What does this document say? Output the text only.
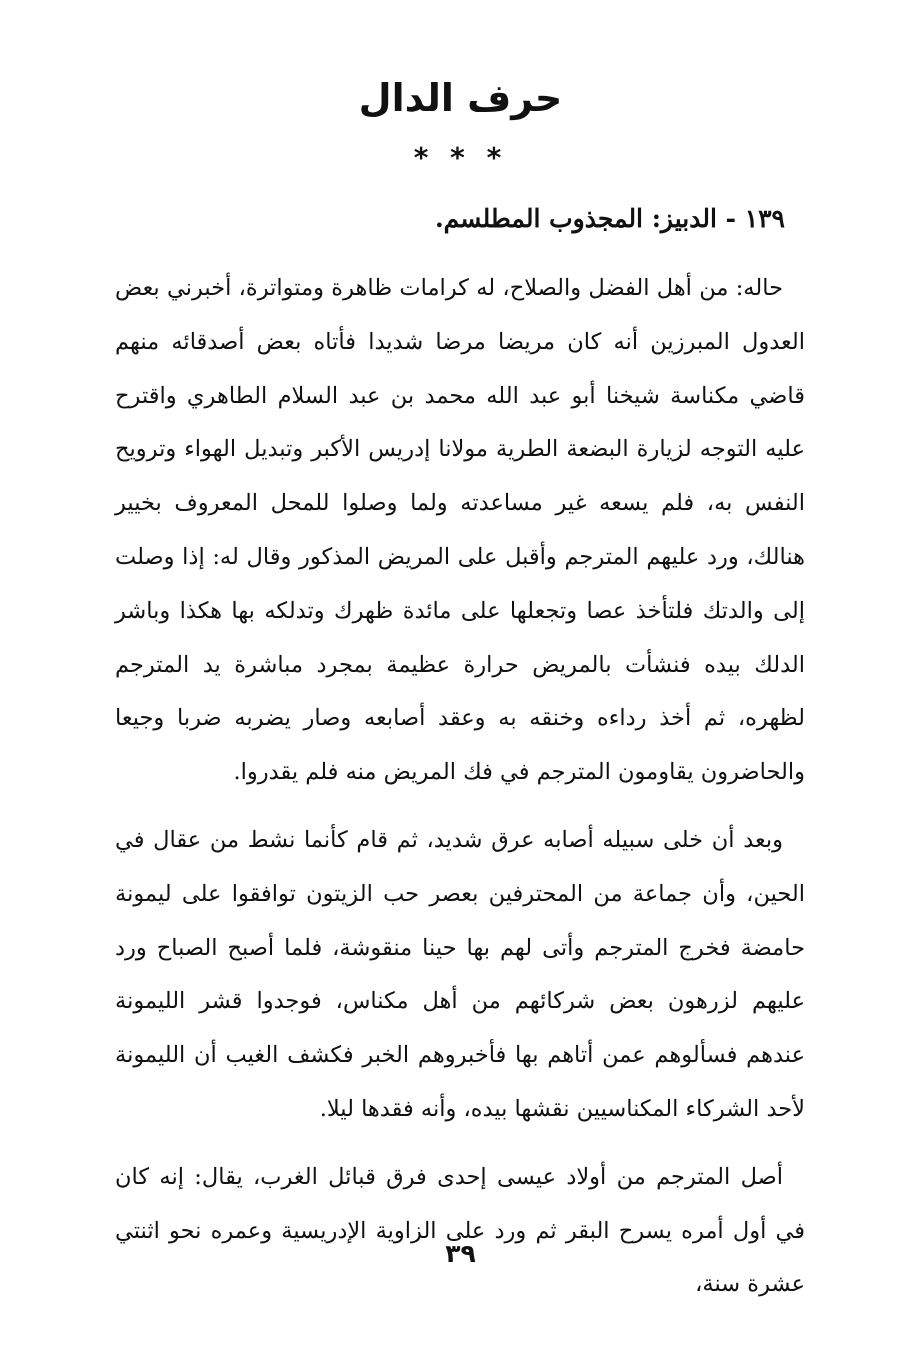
حرف الدال
* * *
١٣٩ - الدبيز: المجذوب المطلسم.

حاله: من أهل الفضل والصلاح، له كرامات ظاهرة ومتواترة، أخبرني بعض العدول المبرزين أنه كان مريضا مرضا شديدا فأتاه بعض أصدقائه منهم قاضي مكناسة شيخنا أبو عبد الله محمد بن عبد السلام الطاهري واقترح عليه التوجه لزيارة البضعة الطرية مولانا إدريس الأكبر وتبديل الهواء وترويح النفس به، فلم يسعه غير مساعدته ولما وصلوا للمحل المعروف بخيير هنالك، ورد عليهم المترجم وأقبل على المريض المذكور وقال له: إذا وصلت إلى والدتك فلتأخذ عصا وتجعلها على مائدة ظهرك وتدلكه بها هكذا وباشر الدلك بيده فنشأت بالمريض حرارة عظيمة بمجرد مباشرة يد المترجم لظهره، ثم أخذ رداءه وخنقه به وعقد أصابعه وصار يضربه ضربا وجيعا والحاضرون يقاومون المترجم في فك المريض منه فلم يقدروا.

وبعد أن خلى سبيله أصابه عرق شديد، ثم قام كأنما نشط من عقال في الحين، وأن جماعة من المحترفين بعصر حب الزيتون توافقوا على ليمونة حامضة فخرج المترجم وأتى لهم بها حينا منقوشة، فلما أصبح الصباح ورد عليهم لزرهون بعض شركائهم من أهل مكناس، فوجدوا قشر الليمونة عندهم فسألوهم عمن أتاهم بها فأخبروهم الخبر فكشف الغيب أن الليمونة لأحد الشركاء المكناسيين نقشها بيده، وأنه فقدها ليلا.

أصل المترجم من أولاد عيسى إحدى فرق قبائل الغرب، يقال: إنه كان في أول أمره يسرح البقر ثم ورد على الزاوية الإدريسية وعمره نحو اثنتي عشرة سنة،

٣٩
